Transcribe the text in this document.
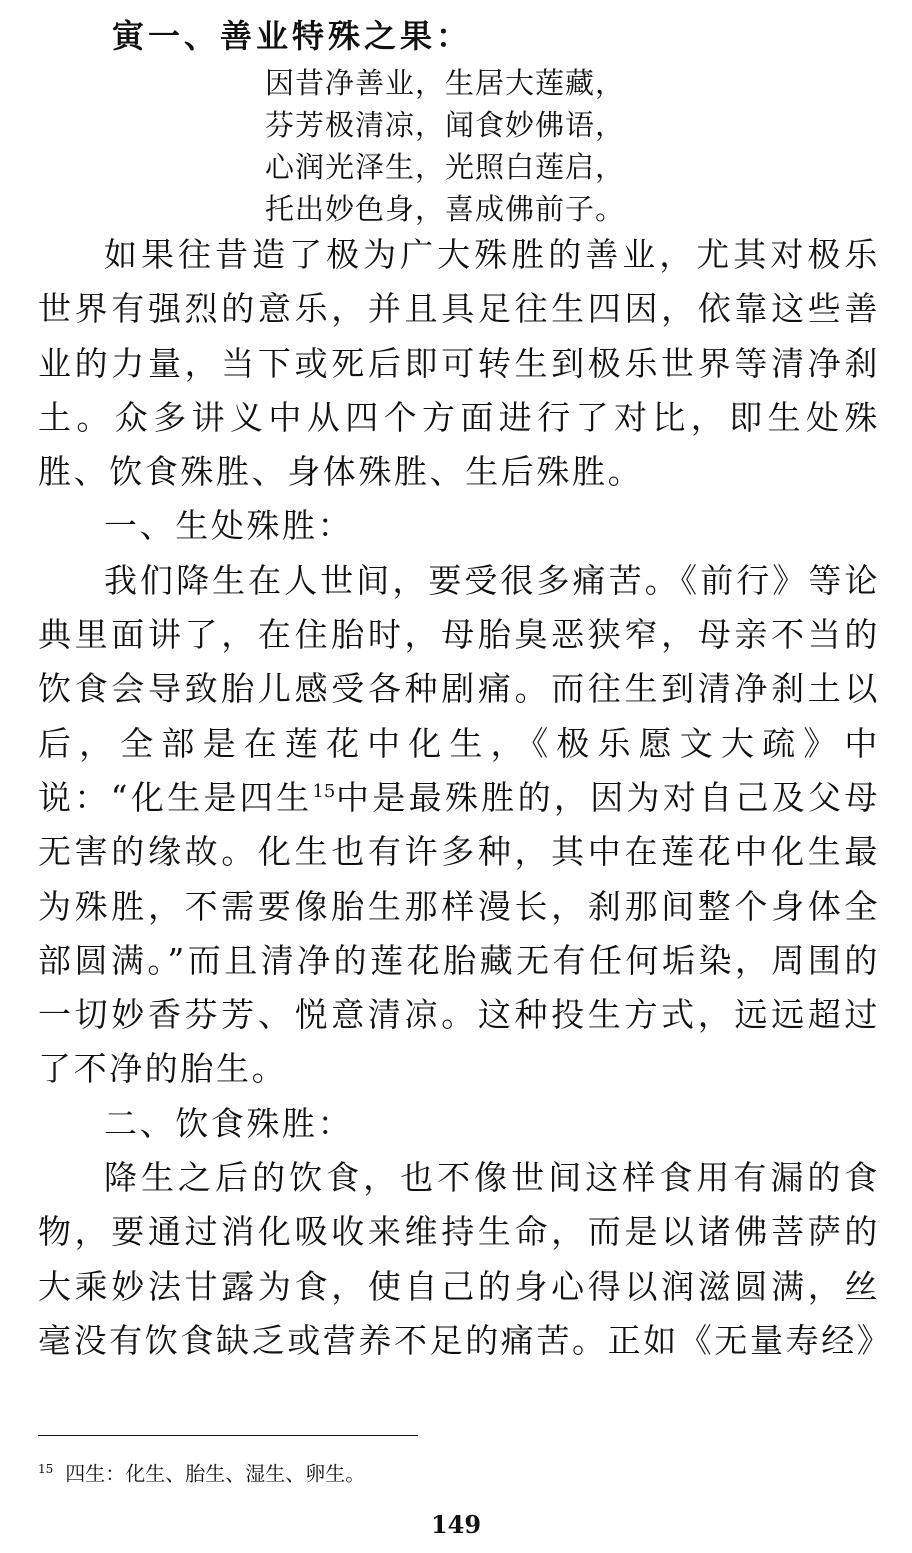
寅一、善业特殊之果：
因昔净善业，生居大莲藏，
芬芳极清凉，闻食妙佛语，
心润光泽生，光照白莲启，
托出妙色身，喜成佛前子。

如果往昔造了极为广大殊胜的善业，尤其对极乐世界有强烈的意乐，并且具足往生四因，依靠这些善业的力量，当下或死后即可转生到极乐世界等清净刹土。众多讲义中从四个方面进行了对比，即生处殊胜、饮食殊胜、身体殊胜、生后殊胜。

一、生处殊胜：

我们降生在人世间，要受很多痛苦。《前行》等论典里面讲了，在住胎时，母胎臭恶狭窄，母亲不当的饮食会导致胎儿感受各种剧痛。而往生到清净刹土以后，全部是在莲花中化生，《极乐愿文大疏》中说：“化生是四生$^{15}$中是最殊胜的，因为对自己及父母无害的缘故。化生也有许多种，其中在莲花中化生最为殊胜，不需要像胎生那样漫长，刹那间整个身体全部圆满。”而且清净的莲花胎藏无有任何垢染，周围的一切妙香芬芳、悦意清凉。这种投生方式，远远超过了不净的胎生。

二、饮食殊胜：

降生之后的饮食，也不像世间这样食用有漏的食物，要通过消化吸收来维持生命，而是以诸佛菩萨的大乘妙法甘露为食，使自己的身心得以润滋圆满，丝毫没有饮食缺乏或营养不足的痛苦。正如《无量寿经》

$^{15}$ 四生：化生、胎生、湿生、卵生。
149
